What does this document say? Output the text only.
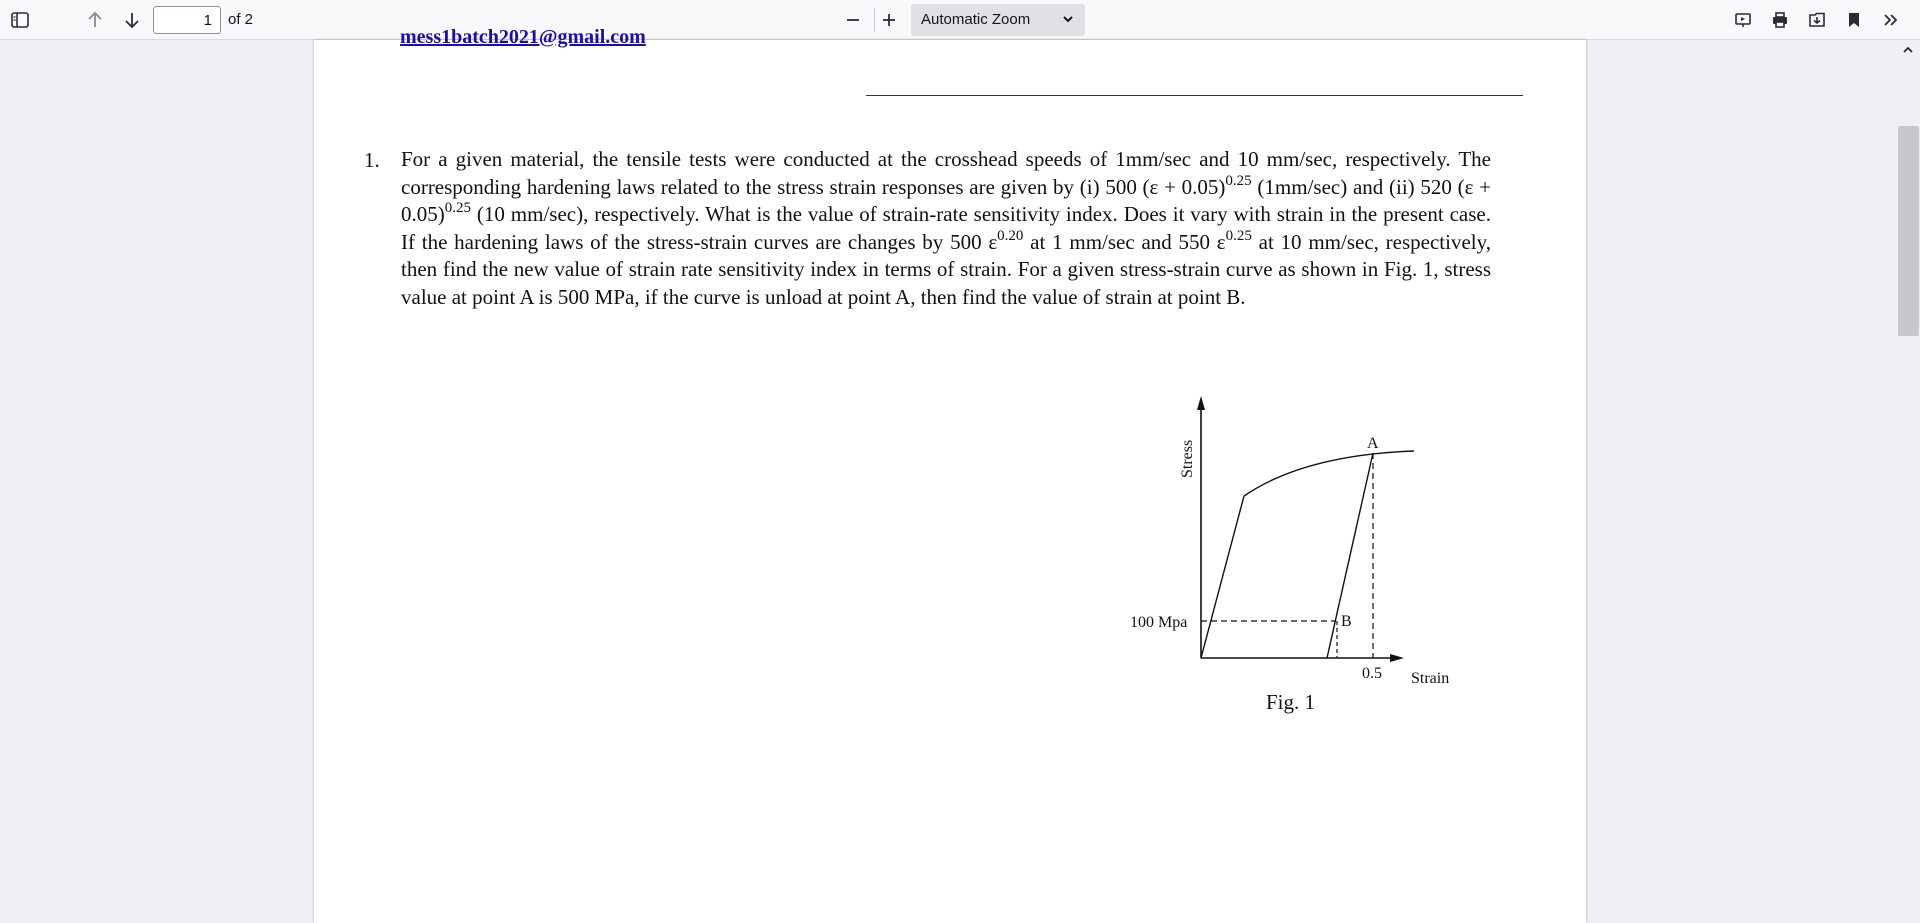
1
of 2	Automatic Zoom
mess1batch2021@gmail.com
1. For a given material, the tensile tests were conducted at the crosshead speeds of 1mm/sec and 10 mm/sec, respectively. The corresponding hardening laws related to the stress strain responses are given by (i) 500 $(\varepsilon + 0.05)^{0.25}$ (1mm/sec) and (ii) 520 $(\varepsilon + 0.05)^{0.25}$ (10 mm/sec), respectively. What is the value of strain-rate sensitivity index. Does it vary with strain in the present case. If the hardening laws of the stress-strain curves are changes by 500 $\varepsilon^{0.20}$ at 1 mm/sec and 550 $\varepsilon^{0.25}$ at 10 mm/sec, respectively, then find the new value of strain rate sensitivity index in terms of strain. For a given stress-strain curve as shown in Fig. 1, stress value at point A is 500 MPa, if the curve is unload at point A, then find the value of strain at point B.
Stress	A
B
100 Mpa
0.5 Strain
Fig. 1
